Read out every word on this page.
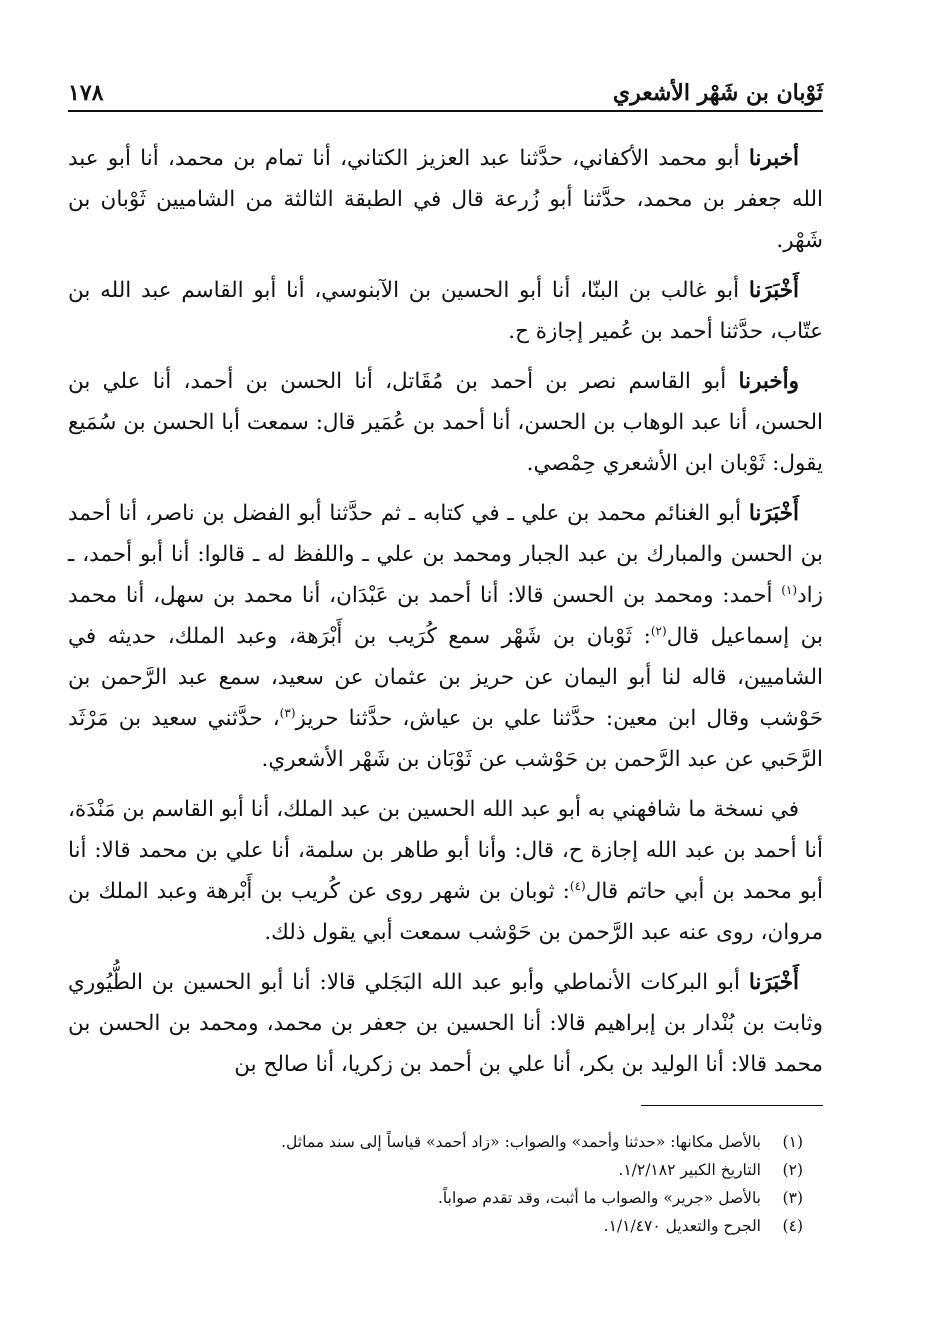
ثَوْبان بن شَهْر الأشعري
١٧٨

أخبرنا أبو محمد الأكفاني، حدَّثنا عبد العزيز الكتاني، أنا تمام بن محمد، أنا أبو عبد الله جعفر بن محمد، حدَّثنا أبو زُرعة قال في الطبقة الثالثة من الشاميين ثَوْبان بن شَهْر.

أَخْبَرَنا أبو غالب بن البنّا، أنا أبو الحسين بن الآبنوسي، أنا أبو القاسم عبد الله بن عتّاب، حدَّثنا أحمد بن عُمير إجازة ح.

وأخبرنا أبو القاسم نصر بن أحمد بن مُقَاتل، أنا الحسن بن أحمد، أنا علي بن الحسن، أنا عبد الوهاب بن الحسن، أنا أحمد بن عُمَير قال: سمعت أبا الحسن بن سُمَيع يقول: ثَوْبان ابن الأشعري حِمْصي.

أَخْبَرَنا أبو الغنائم محمد بن علي ـ في كتابه ـ ثم حدَّثنا أبو الفضل بن ناصر، أنا أحمد بن الحسن والمبارك بن عبد الجبار ومحمد بن علي ـ واللفظ له ـ قالوا: أنا أبو أحمد، ـ زاد$^{(١)}$ أحمد: ومحمد بن الحسن قالا: أنا أحمد بن عَبْدَان، أنا محمد بن سهل، أنا محمد بن إسماعيل قال$^{(٢)}$: ثَوْبان بن شَهْر سمع كُرَيب بن أَبْرَهة، وعبد الملك، حديثه في الشاميين، قاله لنا أبو اليمان عن حريز بن عثمان عن سعيد، سمع عبد الرَّحمن بن حَوْشب وقال ابن معين: حدَّثنا علي بن عياش، حدَّثنا حريز$^{(٣)}$، حدَّثني سعيد بن مَرْثَد الرَّحَبي عن عبد الرَّحمن بن حَوْشب عن ثَوْبَان بن شَهْر الأشعري.

في نسخة ما شافهني به أبو عبد الله الحسين بن عبد الملك، أنا أبو القاسم بن مَنْدَة، أنا أحمد بن عبد الله إجازة ح، قال: وأنا أبو طاهر بن سلمة، أنا علي بن محمد قالا: أنا أبو محمد بن أبي حاتم قال$^{(٤)}$: ثوبان بن شهر روى عن كُريب بن أَبْرهة وعبد الملك بن مروان، روى عنه عبد الرَّحمن بن حَوْشب سمعت أبي يقول ذلك.

أَخْبَرَنا أبو البركات الأنماطي وأبو عبد الله البَجَلي قالا: أنا أبو الحسين بن الطُّيُوري وثابت بن بُنْدار بن إبراهيم قالا: أنا الحسين بن جعفر بن محمد، ومحمد بن الحسن بن محمد قالا: أنا الوليد بن بكر، أنا علي بن أحمد بن زكريا، أنا صالح بن

(١)
بالأصل مكانها: «حدثنا وأحمد» والصواب: «زاد أحمد» قياساً إلى سند مماثل.
(٢)
التاريخ الكبير ١/٢/١٨٢.
(٣)
بالأصل «جرير» والصواب ما أثبت، وقد تقدم صواباً.
(٤)
الجرح والتعديل ١/١/٤٧٠.
